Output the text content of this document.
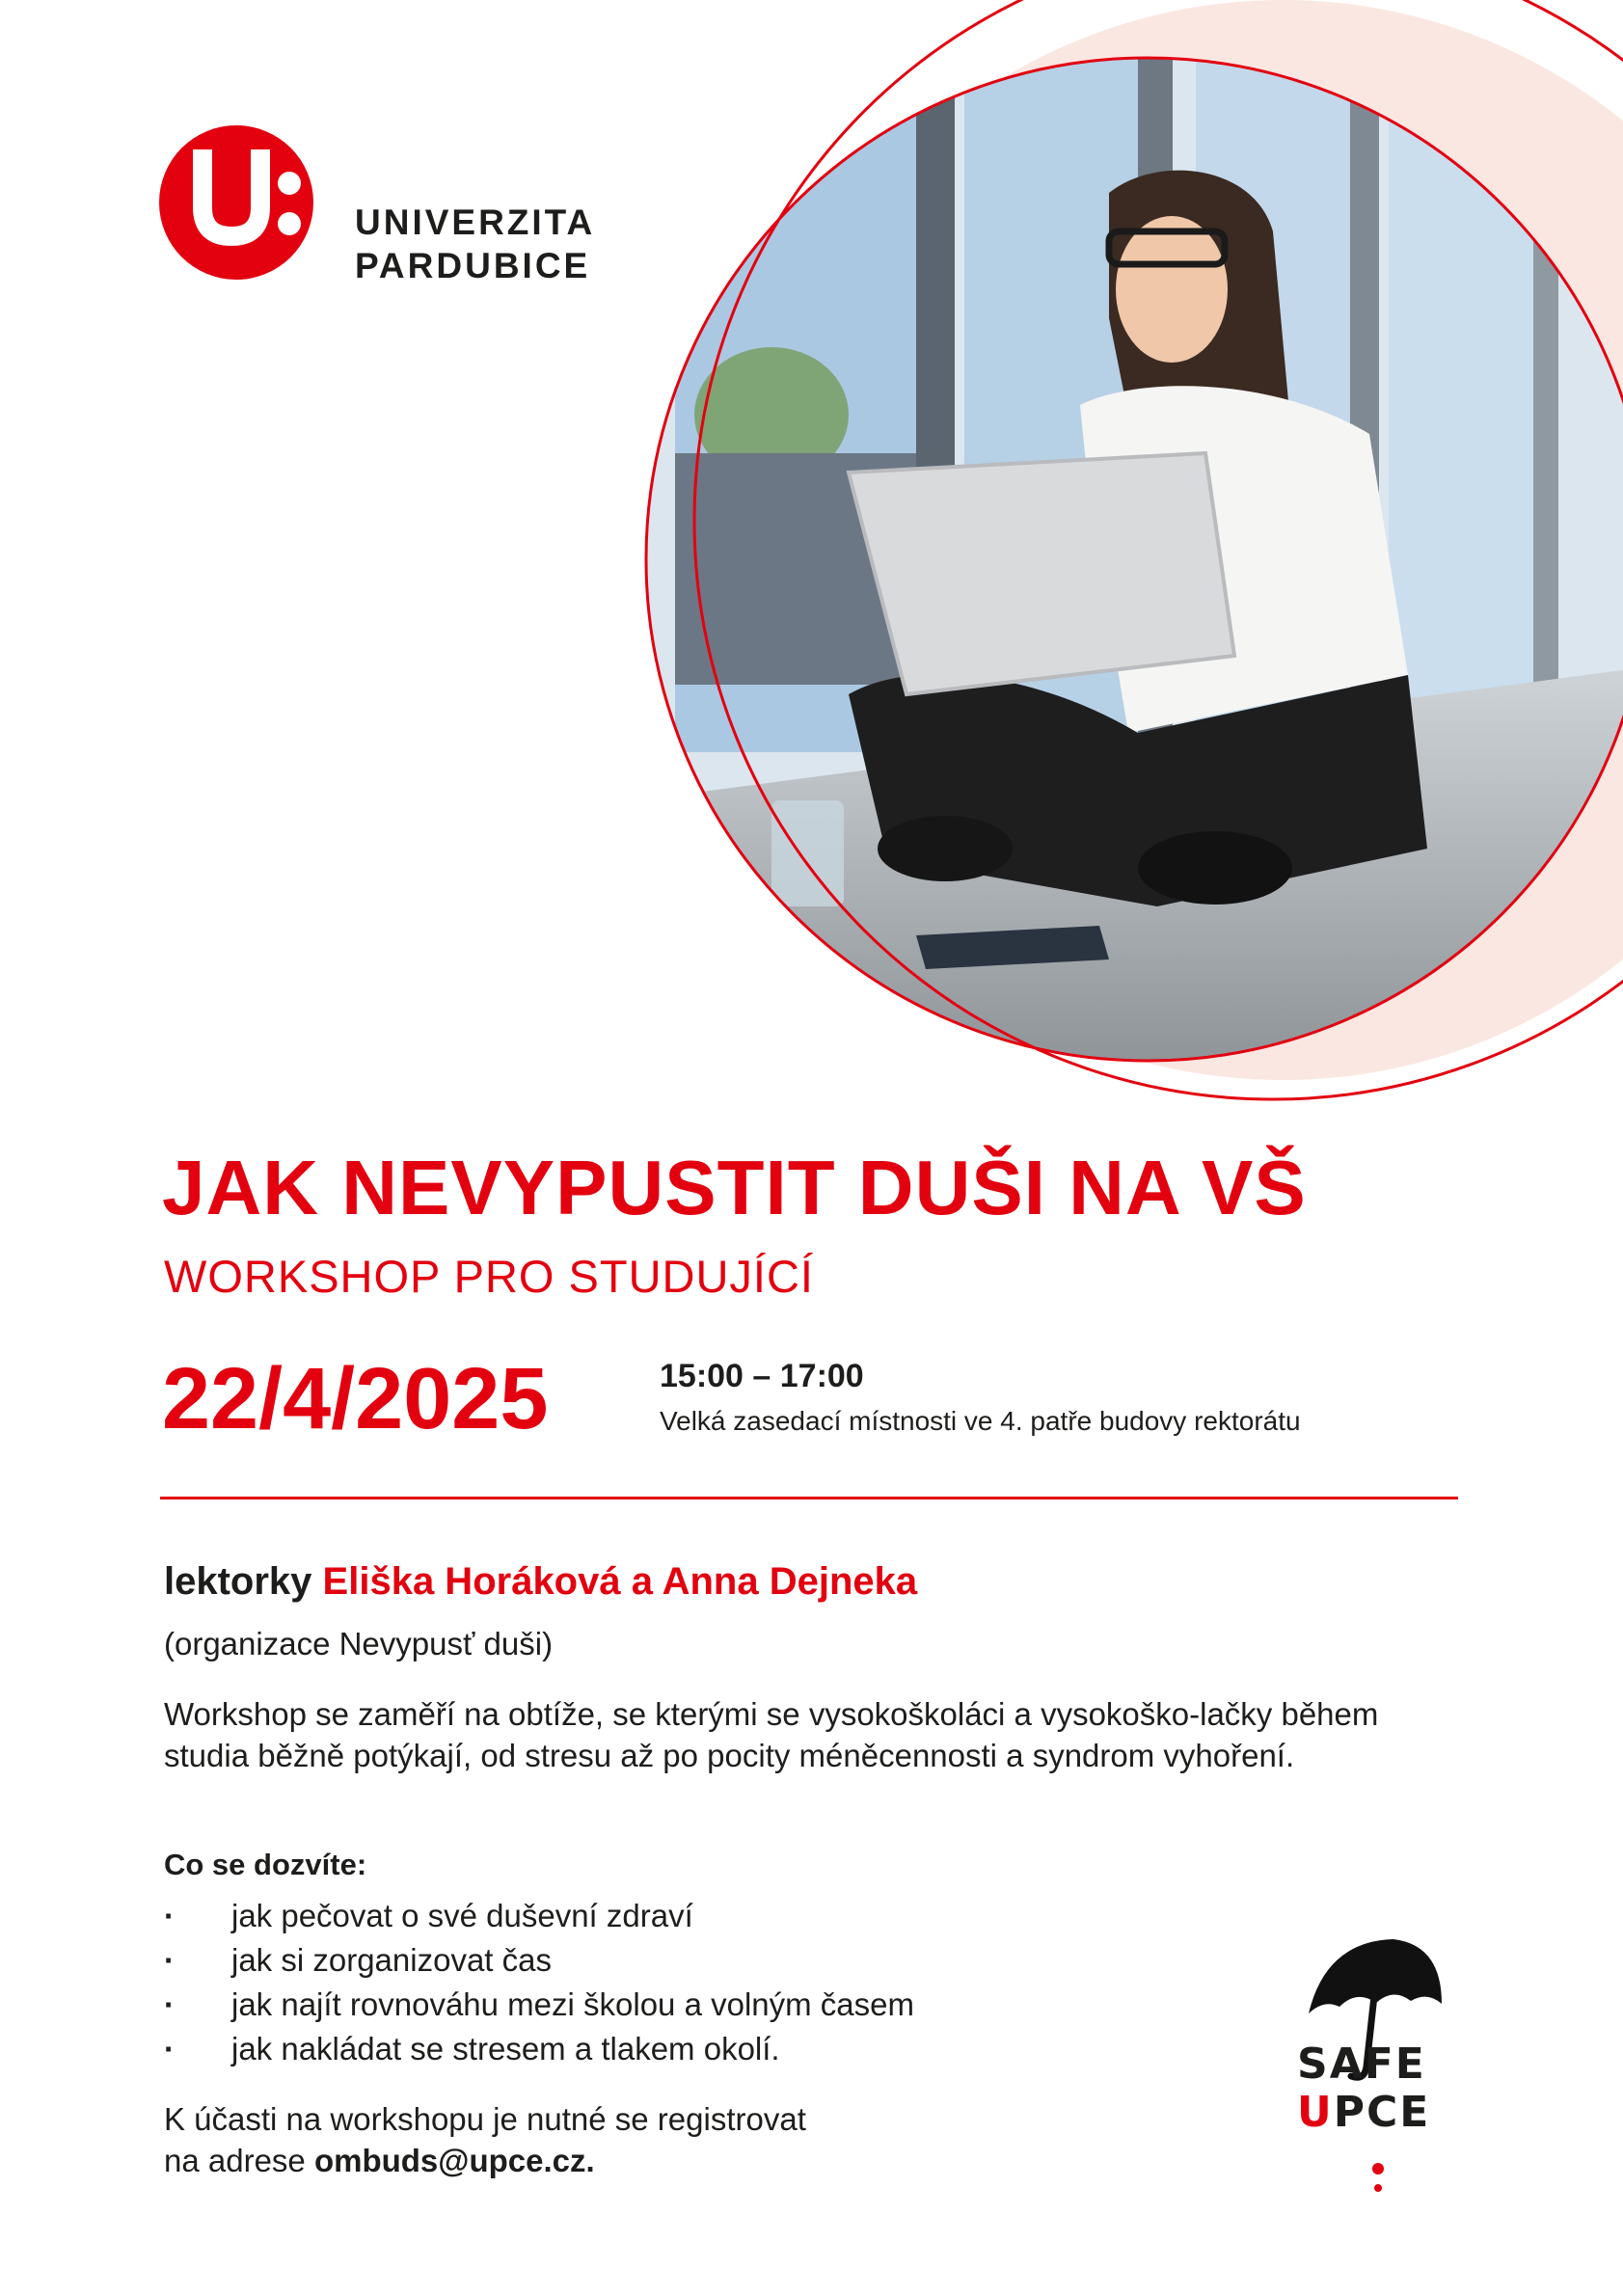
UNIVERZITA
PARDUBICE
JAK NEVYPUSTIT DUŠI NA VŠ
WORKSHOP PRO STUDUJÍCÍ
22/4/2025	15:00 – 17:00
Velká zasedací místnosti ve 4. patře budovy rektorátu
lektorky Eliška Horáková a Anna Dejneka
(organizace Nevypusť duši)
Workshop se zaměří na obtíže, se kterými se vysokoškoláci a vysokoško-lačky během studia běžně potýkají, od stresu až po pocity méněcennosti a syndrom vyhoření.
Co se dozvíte:
· jak pečovat o své duševní zdraví
· jak si zorganizovat čas
· jak najít rovnováhu mezi školou a volným časem
· jak nakládat se stresem a tlakem okolí.
K účasti na workshopu je nutné se registrovat
na adrese ombuds@upce.cz.
SAFE
UPCE
